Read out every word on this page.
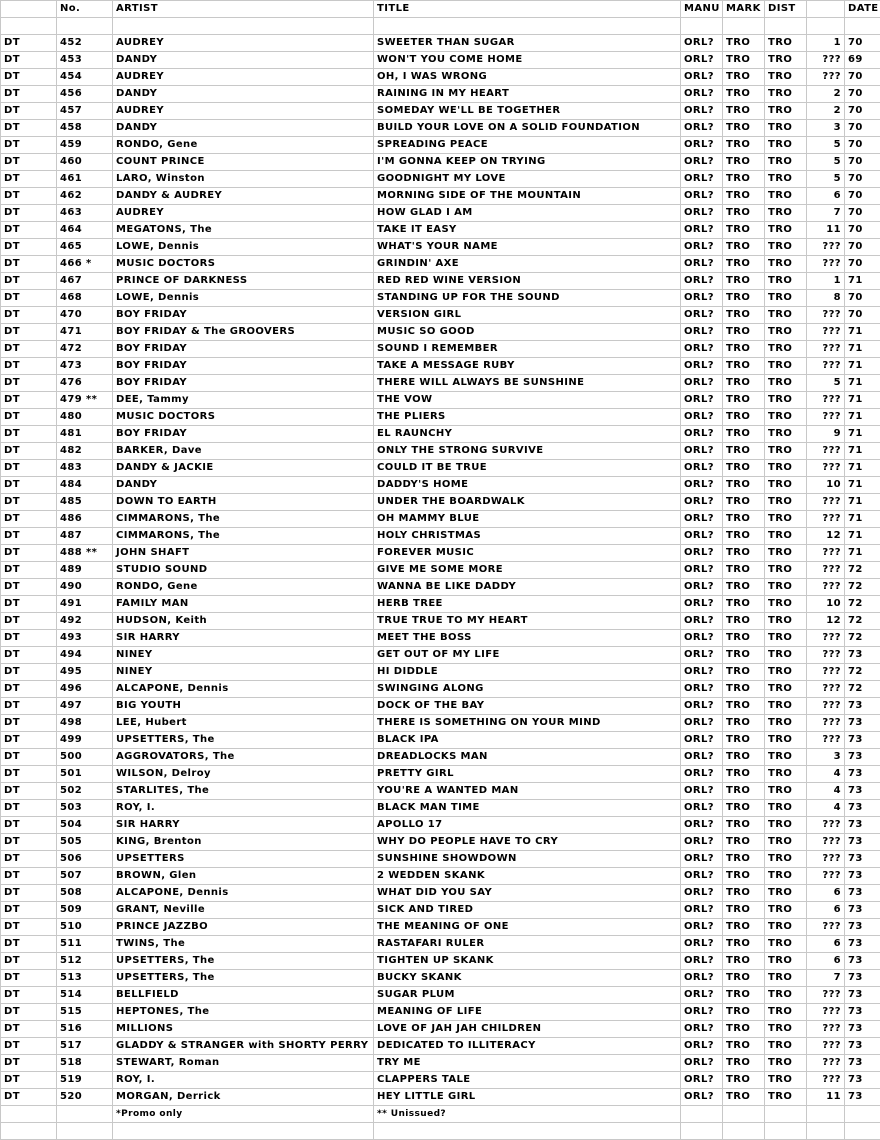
	No.	ARTIST	TITLE	MANU	MARK	DIST		DATE

DT	452	AUDREY	SWEETER THAN SUGAR	ORL?	TRO	TRO	1	70
DT	453	DANDY	WON'T YOU COME HOME	ORL?	TRO	TRO	???	69
DT	454	AUDREY	OH, I WAS WRONG	ORL?	TRO	TRO	???	70
DT	456	DANDY	RAINING IN MY HEART	ORL?	TRO	TRO	2	70
DT	457	AUDREY	SOMEDAY WE'LL BE TOGETHER	ORL?	TRO	TRO	2	70
DT	458	DANDY	BUILD YOUR LOVE ON A SOLID FOUNDATION	ORL?	TRO	TRO	3	70
DT	459	RONDO, Gene	SPREADING PEACE	ORL?	TRO	TRO	5	70
DT	460	COUNT PRINCE	I'M GONNA KEEP ON TRYING	ORL?	TRO	TRO	5	70
DT	461	LARO, Winston	GOODNIGHT MY LOVE	ORL?	TRO	TRO	5	70
DT	462	DANDY & AUDREY	MORNING SIDE OF THE MOUNTAIN	ORL?	TRO	TRO	6	70
DT	463	AUDREY	HOW GLAD I AM	ORL?	TRO	TRO	7	70
DT	464	MEGATONS, The	TAKE IT EASY	ORL?	TRO	TRO	11	70
DT	465	LOWE, Dennis	WHAT'S YOUR NAME	ORL?	TRO	TRO	???	70
DT	466 *	MUSIC DOCTORS	GRINDIN' AXE	ORL?	TRO	TRO	???	70
DT	467	PRINCE OF DARKNESS	RED RED WINE VERSION	ORL?	TRO	TRO	1	71
DT	468	LOWE, Dennis	STANDING UP FOR THE SOUND	ORL?	TRO	TRO	8	70
DT	470	BOY FRIDAY	VERSION GIRL	ORL?	TRO	TRO	???	70
DT	471	BOY FRIDAY & The GROOVERS	MUSIC SO GOOD	ORL?	TRO	TRO	???	71
DT	472	BOY FRIDAY	SOUND I REMEMBER	ORL?	TRO	TRO	???	71
DT	473	BOY FRIDAY	TAKE A MESSAGE RUBY	ORL?	TRO	TRO	???	71
DT	476	BOY FRIDAY	THERE WILL ALWAYS BE SUNSHINE	ORL?	TRO	TRO	5	71
DT	479 **	DEE, Tammy	THE VOW	ORL?	TRO	TRO	???	71
DT	480	MUSIC DOCTORS	THE PLIERS	ORL?	TRO	TRO	???	71
DT	481	BOY FRIDAY	EL RAUNCHY	ORL?	TRO	TRO	9	71
DT	482	BARKER, Dave	ONLY THE STRONG SURVIVE	ORL?	TRO	TRO	???	71
DT	483	DANDY & JACKIE	COULD IT BE TRUE	ORL?	TRO	TRO	???	71
DT	484	DANDY	DADDY'S HOME	ORL?	TRO	TRO	10	71
DT	485	DOWN TO EARTH	UNDER THE BOARDWALK	ORL?	TRO	TRO	???	71
DT	486	CIMMARONS, The	OH MAMMY BLUE	ORL?	TRO	TRO	???	71
DT	487	CIMMARONS, The	HOLY CHRISTMAS	ORL?	TRO	TRO	12	71
DT	488 **	JOHN SHAFT	FOREVER MUSIC	ORL?	TRO	TRO	???	71
DT	489	STUDIO SOUND	GIVE ME SOME MORE	ORL?	TRO	TRO	???	72
DT	490	RONDO, Gene	WANNA BE LIKE DADDY	ORL?	TRO	TRO	???	72
DT	491	FAMILY MAN	HERB TREE	ORL?	TRO	TRO	10	72
DT	492	HUDSON, Keith	TRUE TRUE TO MY HEART	ORL?	TRO	TRO	12	72
DT	493	SIR HARRY	MEET THE BOSS	ORL?	TRO	TRO	???	72
DT	494	NINEY	GET OUT OF MY LIFE	ORL?	TRO	TRO	???	73
DT	495	NINEY	HI DIDDLE	ORL?	TRO	TRO	???	72
DT	496	ALCAPONE, Dennis	SWINGING ALONG	ORL?	TRO	TRO	???	72
DT	497	BIG YOUTH	DOCK OF THE BAY	ORL?	TRO	TRO	???	73
DT	498	LEE, Hubert	THERE IS SOMETHING ON YOUR MIND	ORL?	TRO	TRO	???	73
DT	499	UPSETTERS, The	BLACK IPA	ORL?	TRO	TRO	???	73
DT	500	AGGROVATORS, The	DREADLOCKS MAN	ORL?	TRO	TRO	3	73
DT	501	WILSON, Delroy	PRETTY GIRL	ORL?	TRO	TRO	4	73
DT	502	STARLITES, The	YOU'RE A WANTED MAN	ORL?	TRO	TRO	4	73
DT	503	ROY, I.	BLACK MAN TIME	ORL?	TRO	TRO	4	73
DT	504	SIR HARRY	APOLLO 17	ORL?	TRO	TRO	???	73
DT	505	KING, Brenton	WHY DO PEOPLE HAVE TO CRY	ORL?	TRO	TRO	???	73
DT	506	UPSETTERS	SUNSHINE SHOWDOWN	ORL?	TRO	TRO	???	73
DT	507	BROWN, Glen	2 WEDDEN SKANK	ORL?	TRO	TRO	???	73
DT	508	ALCAPONE, Dennis	WHAT DID YOU SAY	ORL?	TRO	TRO	6	73
DT	509	GRANT, Neville	SICK AND TIRED	ORL?	TRO	TRO	6	73
DT	510	PRINCE JAZZBO	THE MEANING OF ONE	ORL?	TRO	TRO	???	73
DT	511	TWINS, The	RASTAFARI RULER	ORL?	TRO	TRO	6	73
DT	512	UPSETTERS, The	TIGHTEN UP SKANK	ORL?	TRO	TRO	6	73
DT	513	UPSETTERS, The	BUCKY SKANK	ORL?	TRO	TRO	7	73
DT	514	BELLFIELD	SUGAR PLUM	ORL?	TRO	TRO	???	73
DT	515	HEPTONES, The	MEANING OF LIFE	ORL?	TRO	TRO	???	73
DT	516	MILLIONS	LOVE OF JAH JAH CHILDREN	ORL?	TRO	TRO	???	73
DT	517	GLADDY & STRANGER with SHORTY PERRY	DEDICATED TO ILLITERACY	ORL?	TRO	TRO	???	73
DT	518	STEWART, Roman	TRY ME	ORL?	TRO	TRO	???	73
DT	519	ROY, I.	CLAPPERS TALE	ORL?	TRO	TRO	???	73
DT	520	MORGAN, Derrick	HEY LITTLE GIRL	ORL?	TRO	TRO	11	73
		*Promo only	** Unissued?					
